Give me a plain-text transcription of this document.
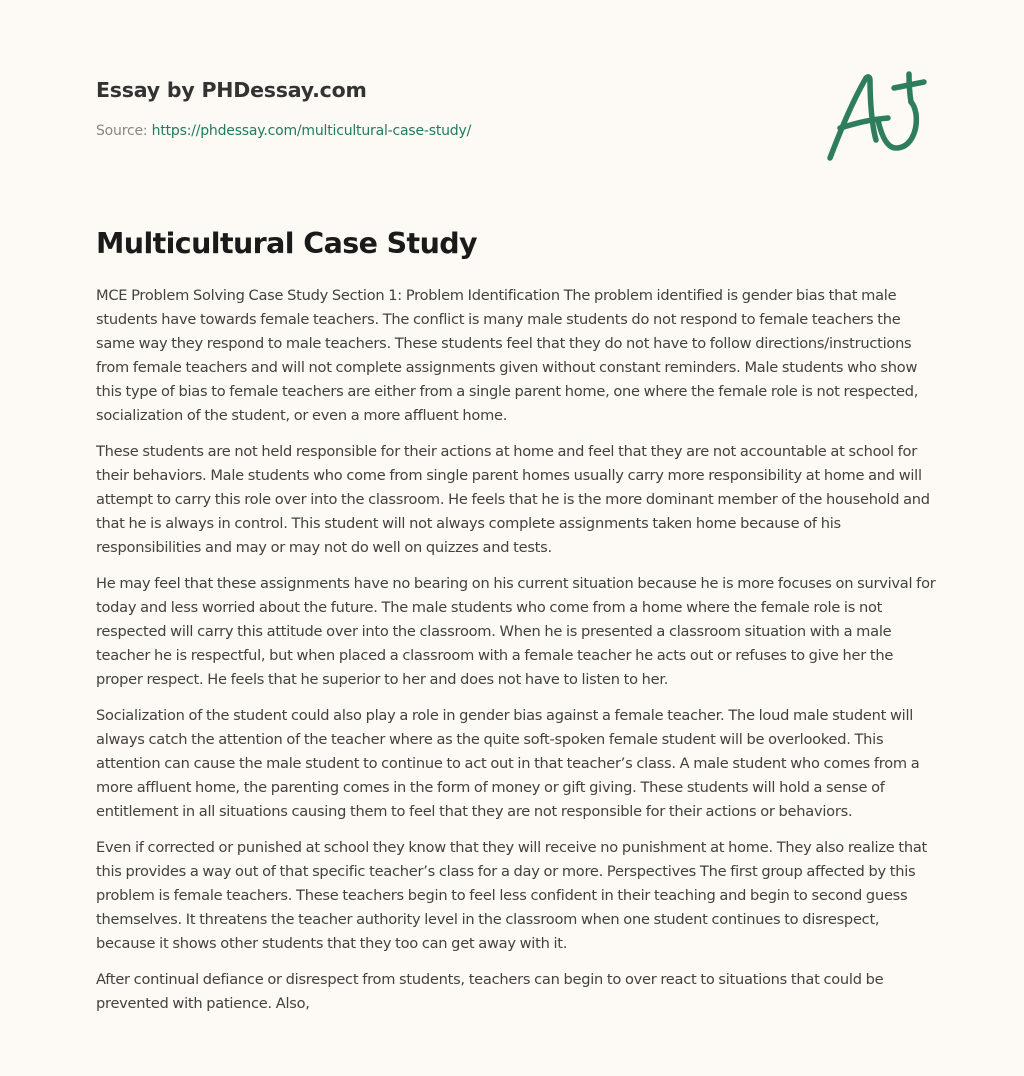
Essay by PHDessay.com
Source: https://phdessay.com/multicultural-case-study/
Multicultural Case Study

MCE Problem Solving Case Study Section 1: Problem Identification The problem identified is gender bias that male students have towards female teachers. The conflict is many male students do not respond to female teachers the same way they respond to male teachers. These students feel that they do not have to follow directions/instructions from female teachers and will not complete assignments given without constant reminders. Male students who show this type of bias to female teachers are either from a single parent home, one where the female role is not respected, socialization of the student, or even a more affluent home.

These students are not held responsible for their actions at home and feel that they are not accountable at school for their behaviors. Male students who come from single parent homes usually carry more responsibility at home and will attempt to carry this role over into the classroom. He feels that he is the more dominant member of the household and that he is always in control. This student will not always complete assignments taken home because of his responsibilities and may or may not do well on quizzes and tests.

He may feel that these assignments have no bearing on his current situation because he is more focuses on survival for today and less worried about the future. The male students who come from a home where the female role is not respected will carry this attitude over into the classroom. When he is presented a classroom situation with a male teacher he is respectful, but when placed a classroom with a female teacher he acts out or refuses to give her the proper respect. He feels that he superior to her and does not have to listen to her.

Socialization of the student could also play a role in gender bias against a female teacher. The loud male student will always catch the attention of the teacher where as the quite soft-spoken female student will be overlooked. This attention can cause the male student to continue to act out in that teacher’s class. A male student who comes from a more affluent home, the parenting comes in the form of money or gift giving. These students will hold a sense of entitlement in all situations causing them to feel that they are not responsible for their actions or behaviors.

Even if corrected or punished at school they know that they will receive no punishment at home. They also realize that this provides a way out of that specific teacher’s class for a day or more. Perspectives The first group affected by this problem is female teachers. These teachers begin to feel less confident in their teaching and begin to second guess themselves. It threatens the teacher authority level in the classroom when one student continues to disrespect, because it shows other students that they too can get away with it.

After continual defiance or disrespect from students, teachers can begin to over react to situations that could be prevented with patience. Also,
